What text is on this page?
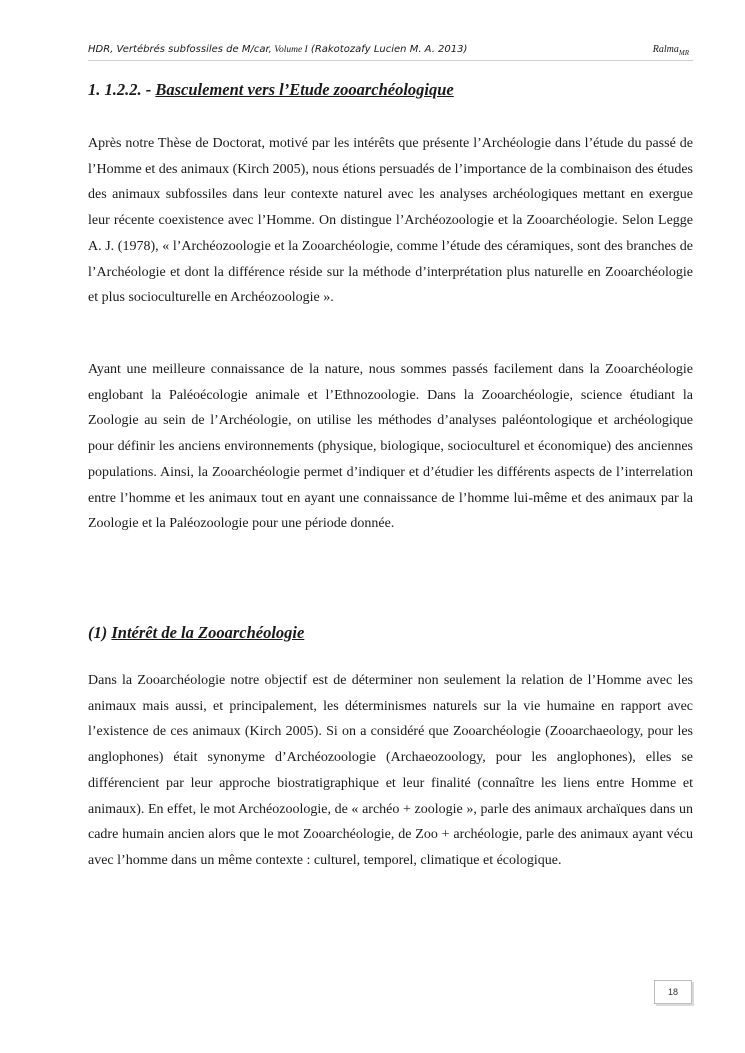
HDR, Vertébrés subfossiles de M/car, Volume I (Rakotozafy Lucien M. A. 2013)	Ralma$_{MR}$
1. 1.2.2. - Basculement vers l’Etude zooarchéologique

Après notre Thèse de Doctorat, motivé par les intérêts que présente l’Archéologie dans l’étude du passé de l’Homme et des animaux (Kirch 2005), nous étions persuadés de l’importance de la combinaison des études des animaux subfossiles dans leur contexte naturel avec les analyses archéologiques mettant en exergue leur récente coexistence avec l’Homme. On distingue l’Archéozoologie et la Zooarchéologie. Selon Legge A. J. (1978), « l’Archéozoologie et la Zooarchéologie, comme l’étude des céramiques, sont des branches de l’Archéologie et dont la différence réside sur la méthode d’interprétation plus naturelle en Zooarchéologie et plus socioculturelle en Archéozoologie ».

Ayant une meilleure connaissance de la nature, nous sommes passés facilement dans la Zooarchéologie englobant la Paléoécologie animale et l’Ethnozoologie. Dans la Zooarchéologie, science étudiant la Zoologie au sein de l’Archéologie, on utilise les méthodes d’analyses paléontologique et archéologique pour définir les anciens environnements (physique, biologique, socioculturel et économique) des anciennes populations. Ainsi, la Zooarchéologie permet d’indiquer et d’étudier les différents aspects de l’interrelation entre l’homme et les animaux tout en ayant une connaissance de l’homme lui-même et des animaux par la Zoologie et la Paléozoologie pour une période donnée.

(1) Intérêt de la Zooarchéologie

Dans la Zooarchéologie notre objectif est de déterminer non seulement la relation de l’Homme avec les animaux mais aussi, et principalement, les déterminismes naturels sur la vie humaine en rapport avec l’existence de ces animaux (Kirch 2005). Si on a considéré que Zooarchéologie (Zooarchaeology, pour les anglophones) était synonyme d’Archéozoologie (Archaeozoology, pour les anglophones), elles se différencient par leur approche biostratigraphique et leur finalité (connaître les liens entre Homme et animaux). En effet, le mot Archéozoologie, de « archéo + zoologie », parle des animaux archaïques dans un cadre humain ancien alors que le mot Zooarchéologie, de Zoo + archéologie, parle des animaux ayant vécu avec l’homme dans un même contexte : culturel, temporel, climatique et écologique.

18
